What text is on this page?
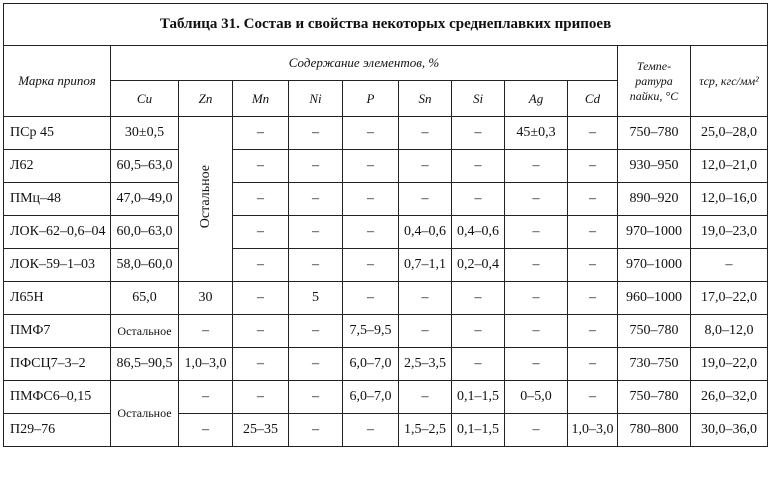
Таблица 31. Состав и свойства некоторых среднеплавких припоев											
Марка припоя	Содержание элементов, %									Темпе-ратура пайки, °С	τср, кгс/мм²
	Cu	Zn	Mn	Ni	P	Sn	Si	Ag	Cd		
ПСр 45	30±0,5	Остальное	–	–	–	–	–	45±0,3	–	750–780	25,0–28,0
Л62	60,5–63,0		–	–	–	–	–	–	–	930–950	12,0–21,0
ПМц–48	47,0–49,0		–	–	–	–	–	–	–	890–920	12,0–16,0
ЛОК–62–0,6–04	60,0–63,0		–	–	–	0,4–0,6	0,4–0,6	–	–	970–1000	19,0–23,0
ЛОК–59–1–03	58,0–60,0		–	–	–	0,7–1,1	0,2–0,4	–	–	970–1000	–
Л65Н	65,0	30	–	5	–	–	–	–	–	960–1000	17,0–22,0
ПМФ7	Остальное	–	–	–	7,5–9,5	–	–	–	–	750–780	8,0–12,0
ПФСЦ7–3–2	86,5–90,5	1,0–3,0	–	–	6,0–7,0	2,5–3,5	–	–	–	730–750	19,0–22,0
ПМФС6–0,15	Остальное	–	–	–	6,0–7,0	–	0,1–1,5	0–5,0	–	750–780	26,0–32,0
П29–76		–	25–35	–	–	1,5–2,5	0,1–1,5	–	1,0–3,0	780–800	30,0–36,0
